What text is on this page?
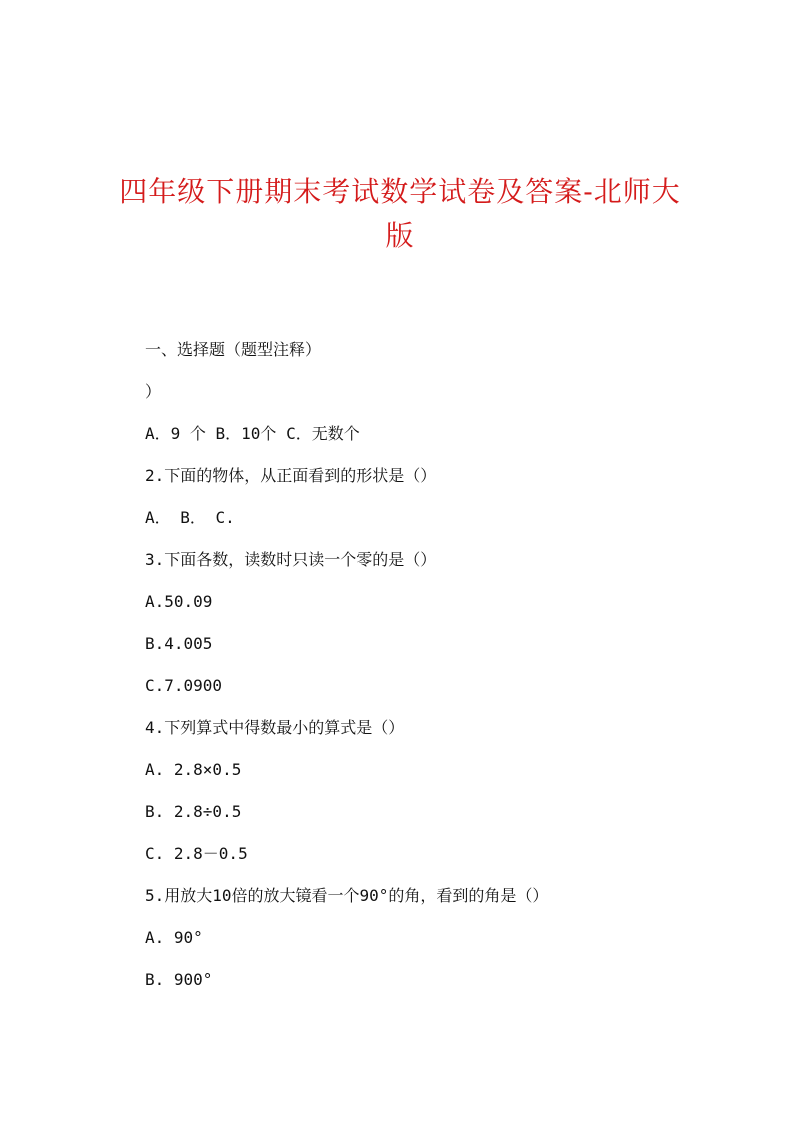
四年级下册期末考试数学试卷及答案-北师大
版
一、选择题（题型注释）
）
A．9 个 B．10个 C．无数个
2.下面的物体，从正面看到的形状是（）
A． B． C.
3.下面各数，读数时只读一个零的是（）
A.50.09
B.4.005
C.7.0900
4.下列算式中得数最小的算式是（）
A. 2.8×0.5
B. 2.8÷0.5
C. 2.8－0.5
5.用放大10倍的放大镜看一个90°的角，看到的角是（）
A. 90°
B. 900°
